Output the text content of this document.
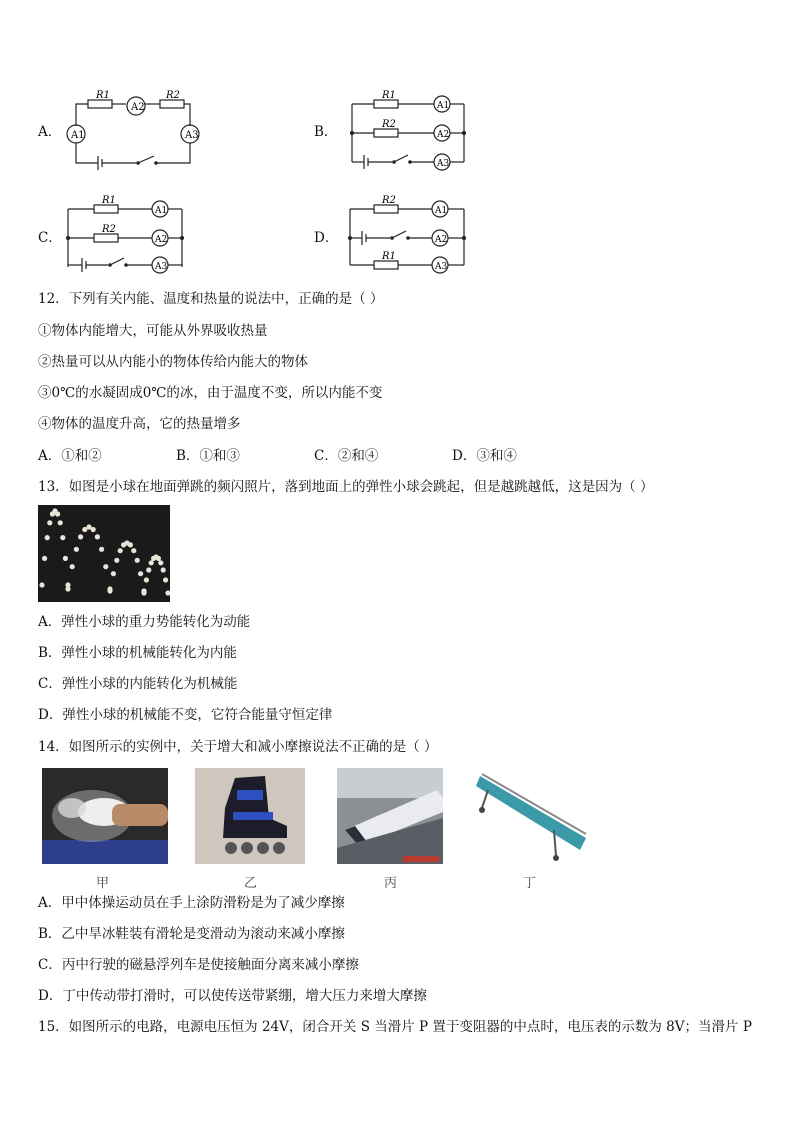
A．
R1	R2
A2
A1	A3	B．
R1
R2
A1
A2
A3
C．
R1
R2
A1
A2
A3
D．
R2
R1
A1
A2
A3
12．下列有关内能、温度和热量的说法中，正确的是（ ）
①物体内能增大，可能从外界吸收热量
②热量可以从内能小的物体传给内能大的物体
③0℃的水凝固成0℃的冰，由于温度不变，所以内能不变
④物体的温度升高，它的热量增多
A．①和②	B．①和③	C．②和④	D．③和④
13．如图是小球在地面弹跳的频闪照片，落到地面上的弹性小球会跳起，但是越跳越低，这是因为（ ）
A．弹性小球的重力势能转化为动能
B．弹性小球的机械能转化为内能
C．弹性小球的内能转化为机械能
D．弹性小球的机械能不变，它符合能量守恒定律
14．如图所示的实例中，关于增大和减小摩擦说法不正确的是（ ）
甲	乙	丙	丁
A．甲中体操运动员在手上涂防滑粉是为了减少摩擦
B．乙中旱冰鞋装有滑轮是变滑动为滚动来减小摩擦
C．丙中行驶的磁悬浮列车是使接触面分离来减小摩擦
D．丁中传动带打滑时，可以使传送带紧绷，增大压力来增大摩擦
15．如图所示的电路，电源电压恒为 24V，闭合开关 S 当滑片 P 置于变阻器的中点时，电压表的示数为 8V；当滑片 P
